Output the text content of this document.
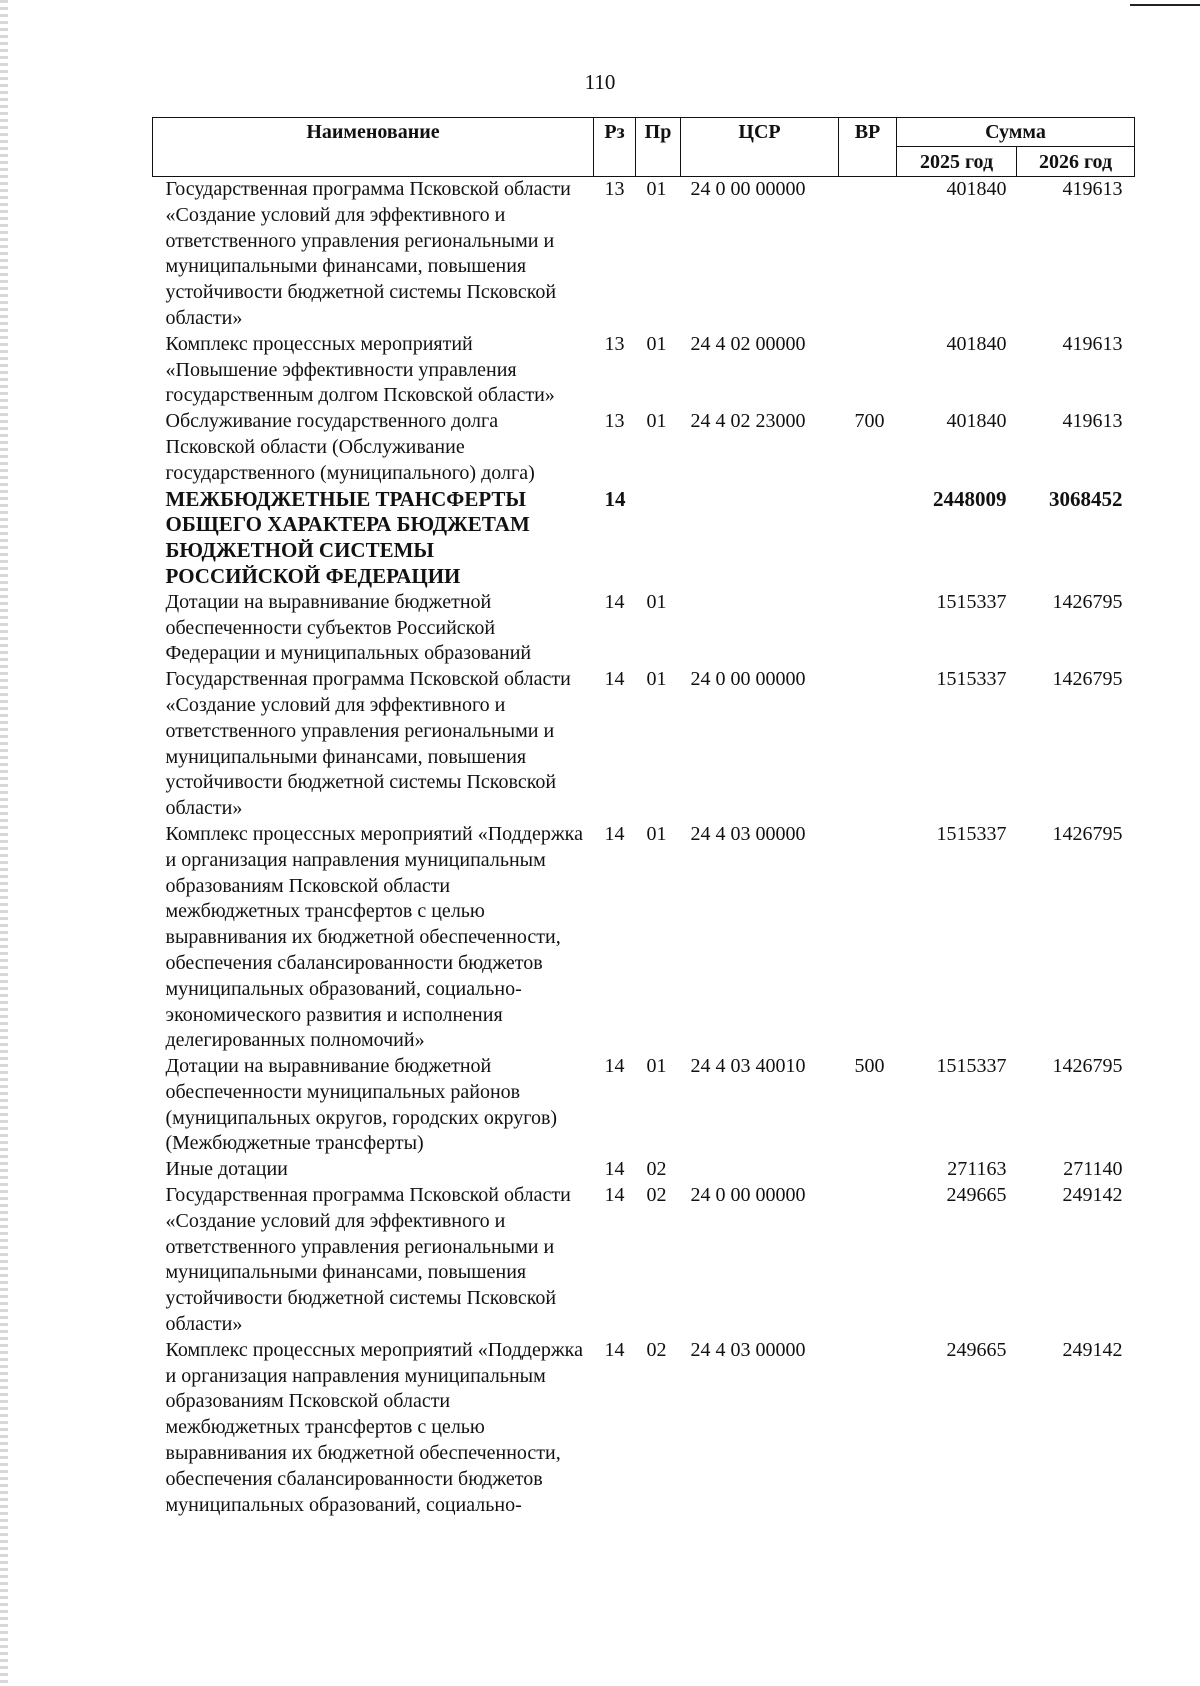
110
Наименование	Рз	Пр	ЦСР	ВР	Сумма	
					2025 год	2026 год
Государственная программа Псковской области «Создание условий для эффективного и ответственного управления региональными и муниципальными финансами, повышения устойчивости бюджетной системы Псковской области»	13	01	24 0 00 00000		401840	419613
Комплекс процессных мероприятий «Повышение эффективности управления государственным долгом Псковской области»	13	01	24 4 02 00000		401840	419613
Обслуживание государственного долга Псковской области (Обслуживание государственного (муниципального) долга)	13	01	24 4 02 23000	700	401840	419613
МЕЖБЮДЖЕТНЫЕ ТРАНСФЕРТЫ ОБЩЕГО ХАРАКТЕРА БЮДЖЕТАМ БЮДЖЕТНОЙ СИСТЕМЫ РОССИЙСКОЙ ФЕДЕРАЦИИ	14				2448009	3068452
Дотации на выравнивание бюджетной обеспеченности субъектов Российской Федерации и муниципальных образований	14	01			1515337	1426795
Государственная программа Псковской области «Создание условий для эффективного и ответственного управления региональными и муниципальными финансами, повышения устойчивости бюджетной системы Псковской области»	14	01	24 0 00 00000		1515337	1426795
Комплекс процессных мероприятий «Поддержка и организация направления муниципальным образованиям Псковской области межбюджетных трансфертов с целью выравнивания их бюджетной обеспеченности, обеспечения сбалансированности бюджетов муниципальных образований, социально-экономического развития и исполнения делегированных полномочий»	14	01	24 4 03 00000		1515337	1426795
Дотации на выравнивание бюджетной обеспеченности муниципальных районов (муниципальных округов, городских округов) (Межбюджетные трансферты)	14	01	24 4 03 40010	500	1515337	1426795
Иные дотации	14	02			271163	271140
Государственная программа Псковской области «Создание условий для эффективного и ответственного управления региональными и муниципальными финансами, повышения устойчивости бюджетной системы Псковской области»	14	02	24 0 00 00000		249665	249142
Комплекс процессных мероприятий «Поддержка и организация направления муниципальным образованиям Псковской области межбюджетных трансфертов с целью выравнивания их бюджетной обеспеченности, обеспечения сбалансированности бюджетов муниципальных образований, социально-	14	02	24 4 03 00000		249665	249142
